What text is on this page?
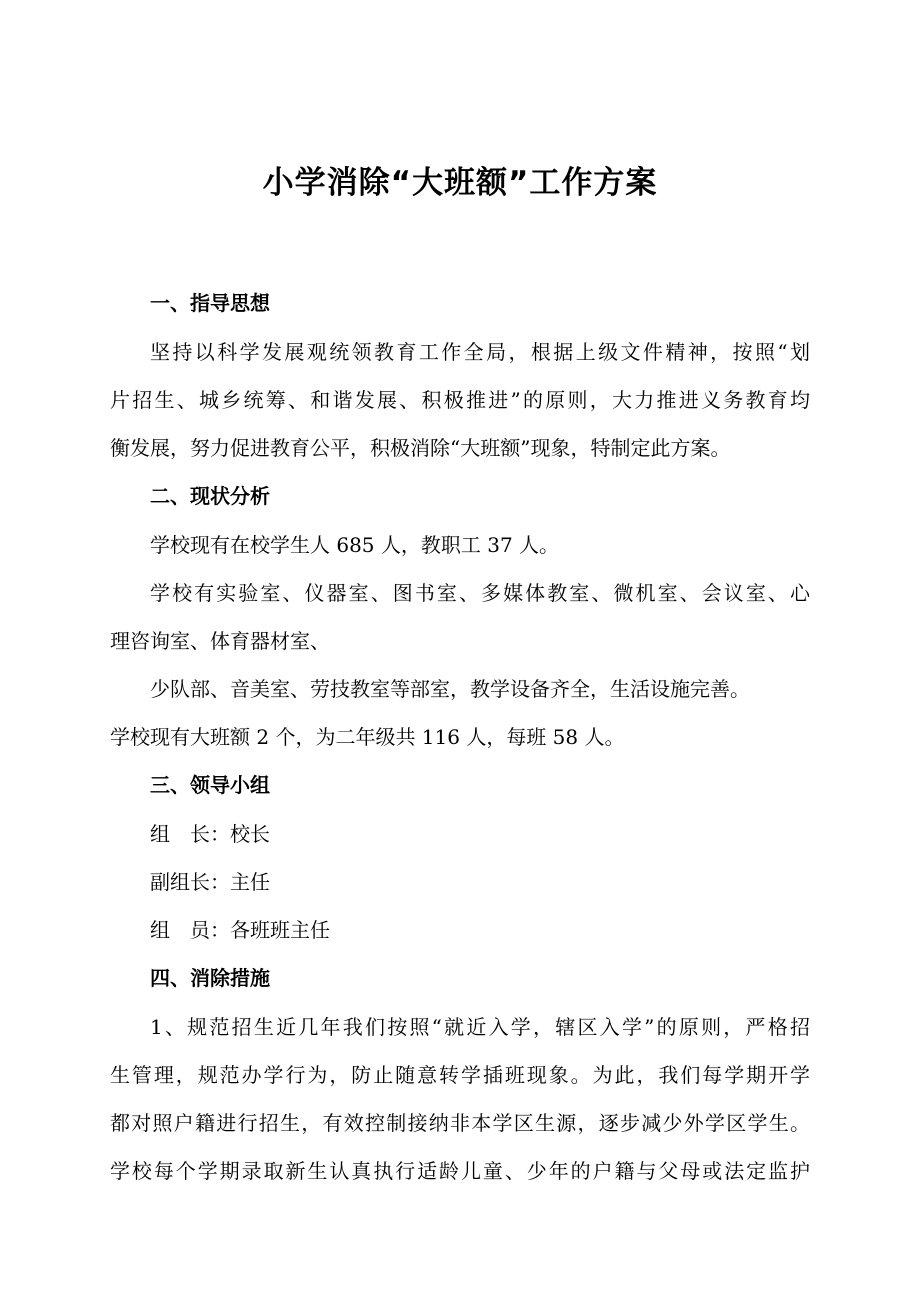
小学消除“大班额”工作方案
一、指导思想
坚持以科学发展观统领教育工作全局，根据上级文件精神，按照“划
片招生、城乡统筹、和谐发展、积极推进”的原则，大力推进义务教育均
衡发展，努力促进教育公平，积极消除“大班额”现象，特制定此方案。
二、现状分析
学校现有在校学生人 685 人，教职工 37 人。
学校有实验室、仪器室、图书室、多媒体教室、微机室、会议室、心
理咨询室、体育器材室、
少队部、音美室、劳技教室等部室，教学设备齐全，生活设施完善。
学校现有大班额 2 个，为二年级共 116 人，每班 58 人。
三、领导小组
组　长：校长
副组长：主任
组　员：各班班主任
四、消除措施
1、规范招生近几年我们按照“就近入学，辖区入学”的原则，严格招
生管理，规范办学行为，防止随意转学插班现象。为此，我们每学期开学
都对照户籍进行招生，有效控制接纳非本学区生源，逐步减少外学区学生。
学校每个学期录取新生认真执行适龄儿童、少年的户籍与父母或法定监护
